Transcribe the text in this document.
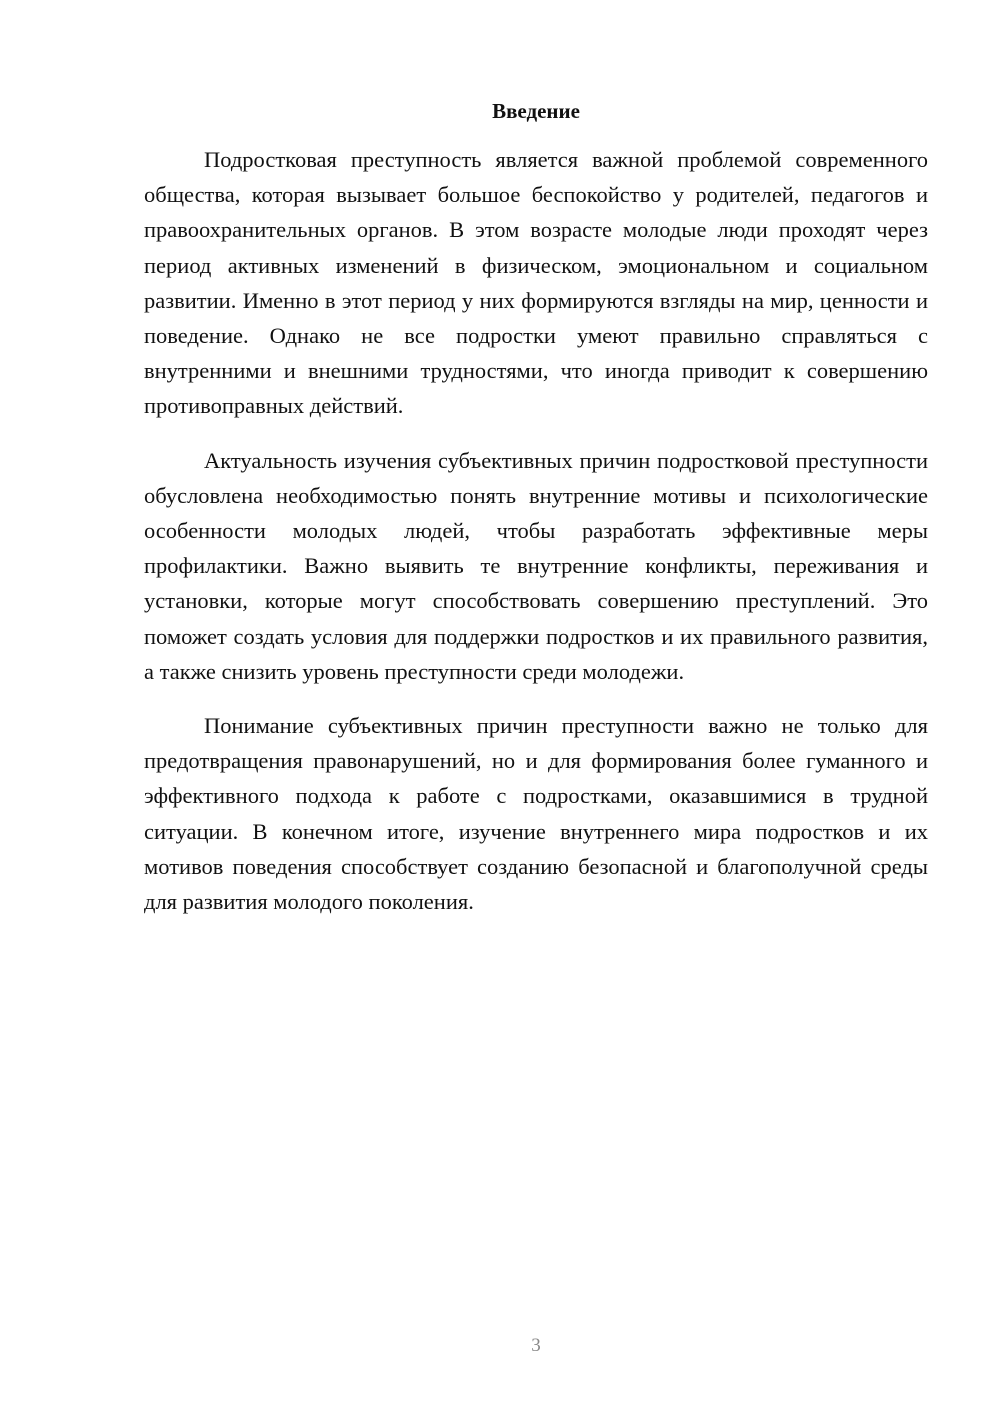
Введение

Подростковая преступность является важной проблемой современного общества, которая вызывает большое беспокойство у родителей, педагогов и правоохранительных органов. В этом возрасте молодые люди проходят через период активных изменений в физическом, эмоциональном и социальном развитии. Именно в этот период у них формируются взгляды на мир, ценности и поведение. Однако не все подростки умеют правильно справляться с внутренними и внешними трудностями, что иногда приводит к совершению противоправных действий.

Актуальность изучения субъективных причин подростковой преступности обусловлена необходимостью понять внутренние мотивы и психологические особенности молодых людей, чтобы разработать эффективные меры профилактики. Важно выявить те внутренние конфликты, переживания и установки, которые могут способствовать совершению преступлений. Это поможет создать условия для поддержки подростков и их правильного развития, а также снизить уровень преступности среди молодежи.

Понимание субъективных причин преступности важно не только для предотвращения правонарушений, но и для формирования более гуманного и эффективного подхода к работе с подростками, оказавшимися в трудной ситуации. В конечном итоге, изучение внутреннего мира подростков и их мотивов поведения способствует созданию безопасной и благополучной среды для развития молодого поколения.

3
